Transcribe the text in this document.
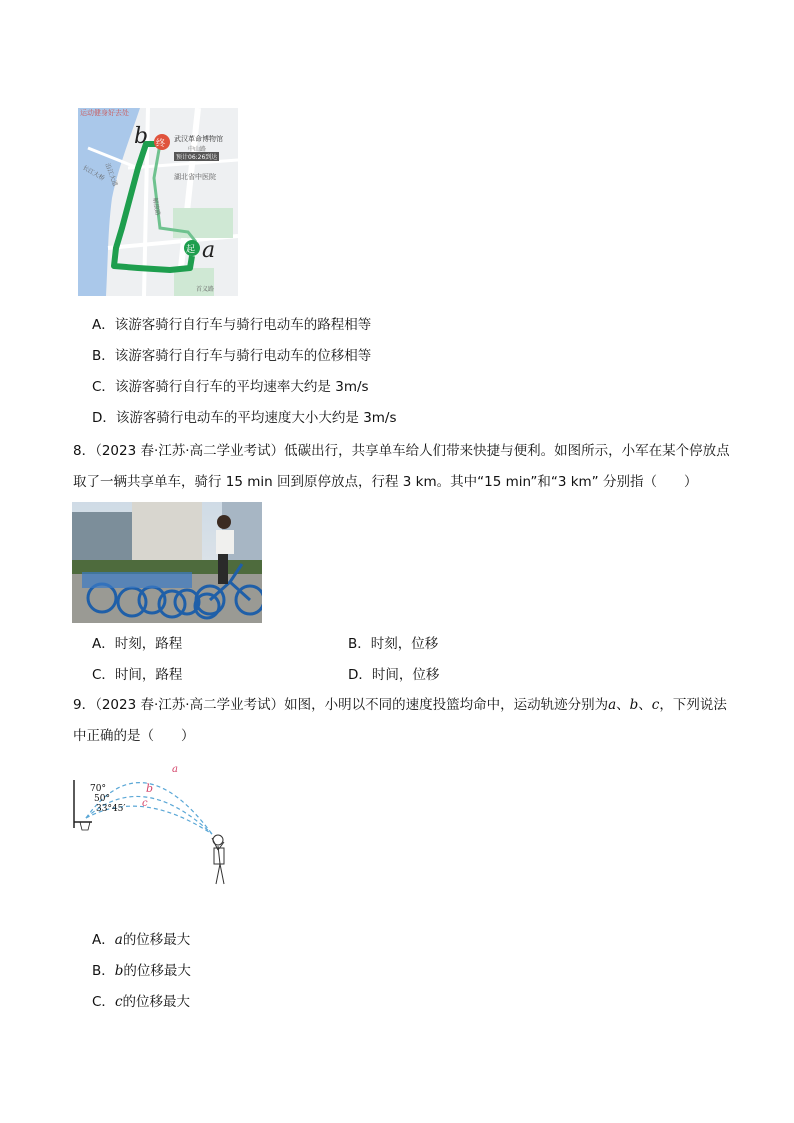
运动健身好去处
终
起
武汉革命博物馆
预计06:26到达
湖北省中医院
中山路
沿江大道
解放路
长江大桥
首义路
b
a
A．该游客骑行自行车与骑行电动车的路程相等
B．该游客骑行自行车与骑行电动车的位移相等
C．该游客骑行自行车的平均速率大约是 3m/s
D．该游客骑行电动车的平均速度大小大约是 3m/s
8．（2023 春·江苏·高二学业考试）低碳出行，共享单车给人们带来快捷与便利。如图所示，小军在某个停放点取了一辆共享单车，骑行 15 min 回到原停放点，行程 3 km。其中“15 min”和“3 km” 分别指（　　）
A．时刻，路程	B．时刻，位移
C．时间，路程	D．时间，位移
9．（2023 春·江苏·高二学业考试）如图，小明以不同的速度投篮均命中，运动轨迹分别为a、b、c，下列说法中正确的是（　　）
70°
50°
33°45′
a
b
c
A．a的位移最大
B．b的位移最大
C．c的位移最大
